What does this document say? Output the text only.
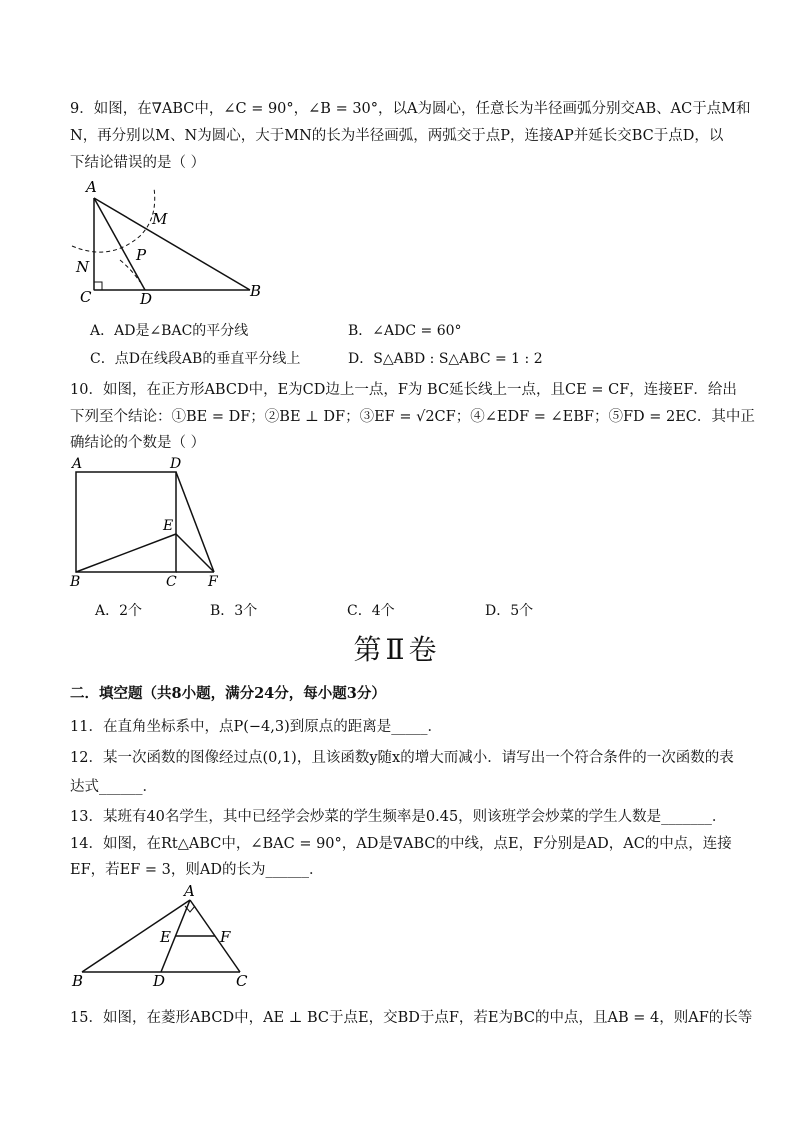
9．如图，在∇ABC中，∠C = 90°，∠B = 30°，以A为圆心，任意长为半径画弧分别交AB、AC于点M和
N，再分别以M、N为圆心，大于MN的长为半径画弧，两弧交于点P，连接AP并延长交BC于点D，以
下结论错误的是（ ）
A
M
P
N
C	D	B
A．AD是∠BAC的平分线	B．∠ADC = 60°
C．点D在线段AB的垂直平分线上	D．S△ABD : S△ABC = 1 : 2
10．如图，在正方形ABCD中，E为CD边上一点，F为 BC延长线上一点，且CE = CF，连接EF．给出
下列至个结论：①BE = DF；②BE ⊥ DF；③EF = √2CF；④∠EDF = ∠EBF；⑤FD = 2EC．其中正
确结论的个数是（ ）
A	D
E
B	C F
A．2个	B．3个	C．4个	D．5个
第Ⅱ卷
二．填空题（共8小题，满分24分，每小题3分）
11．在直角坐标系中，点P(−4,3)到原点的距离是_____．
12．某一次函数的图像经过点(0,1)，且该函数y随x的增大而减小．请写出一个符合条件的一次函数的表
达式______．
13．某班有40名学生，其中已经学会炒菜的学生频率是0.45，则该班学会炒菜的学生人数是_______．
14．如图，在Rt△ABC中，∠BAC = 90°，AD是∇ABC的中线，点E，F分别是AD，AC的中点，连接
EF，若EF = 3，则AD的长为______．
A
E	F
B	D	C
15．如图，在菱形ABCD中，AE ⊥ BC于点E，交BD于点F，若E为BC的中点，且AB = 4，则AF的长等
